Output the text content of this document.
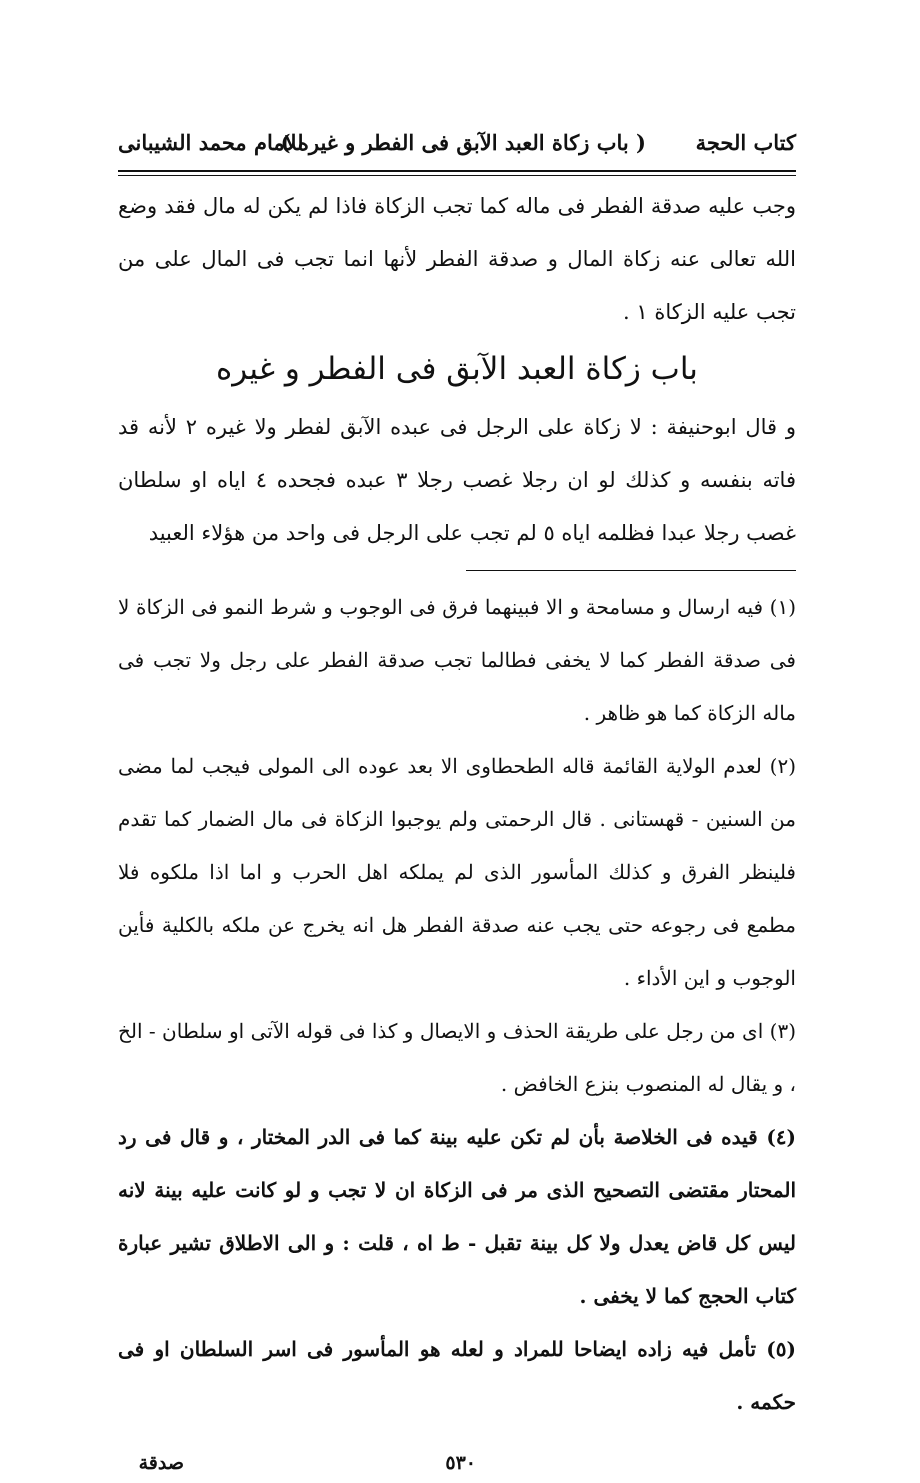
كتاب الحجة
( باب زكاة العبد الآبق فى الفطر و غيره )
للامام محمد الشيبانى

وجب عليه صدقة الفطر فى ماله كما تجب الزكاة فاذا لم يكن له مال فقد وضع الله تعالى عنه زكاة المال و صدقة الفطر لأنها انما تجب فى المال على من تجب عليه الزكاة ١ .

باب زكاة العبد الآبق فى الفطر و غيره

و قال ابوحنيفة : لا زكاة على الرجل فى عبده الآبق لفطر ولا غيره ٢ لأنه قد فاته بنفسه و كذلك لو ان رجلا غصب رجلا ٣ عبده فجحده ٤ اياه او سلطان غصب رجلا عبدا فظلمه اياه ٥ لم تجب على الرجل فى واحد من هؤلاء العبيد

(١) فيه ارسال و مسامحة و الا فبينهما فرق فى الوجوب و شرط النمو فى الزكاة لا فى صدقة الفطر كما لا يخفى فطالما تجب صدقة الفطر على رجل ولا تجب فى ماله الزكاة كما هو ظاهر .

(٢) لعدم الولاية القائمة قاله الطحطاوى الا بعد عوده الى المولى فيجب لما مضى من السنين - قهستانى . قال الرحمتى ولم يوجبوا الزكاة فى مال الضمار كما تقدم فلينظر الفرق و كذلك المأسور الذى لم يملكه اهل الحرب و اما اذا ملكوه فلا مطمع فى رجوعه حتى يجب عنه صدقة الفطر هل انه يخرج عن ملكه بالكلية فأين الوجوب و اين الأداء .

(٣) اى من رجل على طريقة الحذف و الايصال و كذا فى قوله الآتى او سلطان - الخ ، و يقال له المنصوب بنزع الخافض .

(٤) قيده فى الخلاصة بأن لم تكن عليه بينة كما فى الدر المختار ، و قال فى رد المحتار مقتضى التصحيح الذى مر فى الزكاة ان لا تجب و لو كانت عليه بينة لانه ليس كل قاض يعدل ولا كل بينة تقبل - ط اه ، قلت : و الى الاطلاق تشير عبارة كتاب الحجج كما لا يخفى .

(٥) تأمل فيه زاده ايضاحا للمراد و لعله هو المأسور فى اسر السلطان او فى حكمه .

٥٣٠
صدقة
